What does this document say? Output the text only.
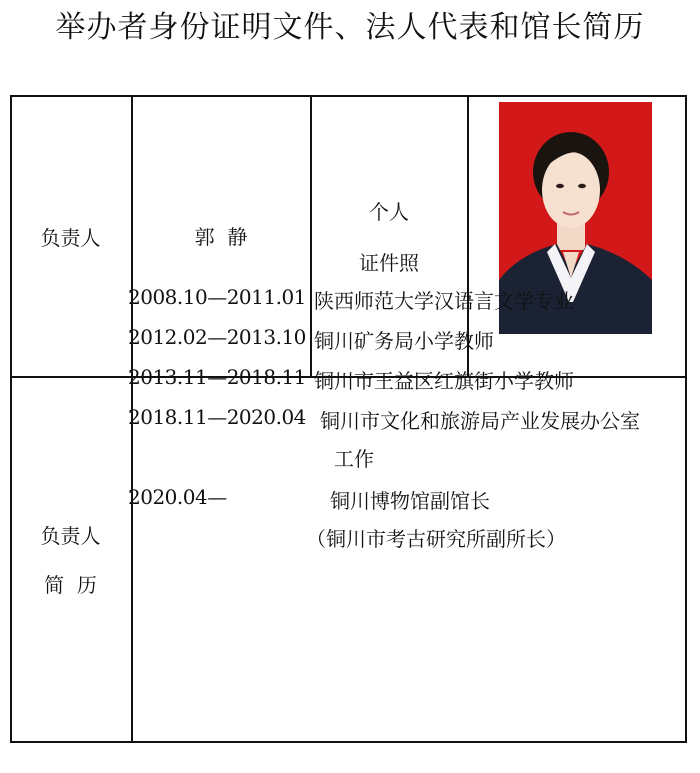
举办者身份证明文件、法人代表和馆长简历
负责人	郭  静
个人
证件照
负责人
简  历
2008.10—2011.01 陕西师范大学汉语言文学专业
2012.02—2013.10 铜川矿务局小学教师
2013.11—2018.11 铜川市王益区红旗街小学教师
2018.11—2020.04 铜川市文化和旅游局产业发展办公室
工作
2020.04—	铜川博物馆副馆长
（铜川市考古研究所副所长）
